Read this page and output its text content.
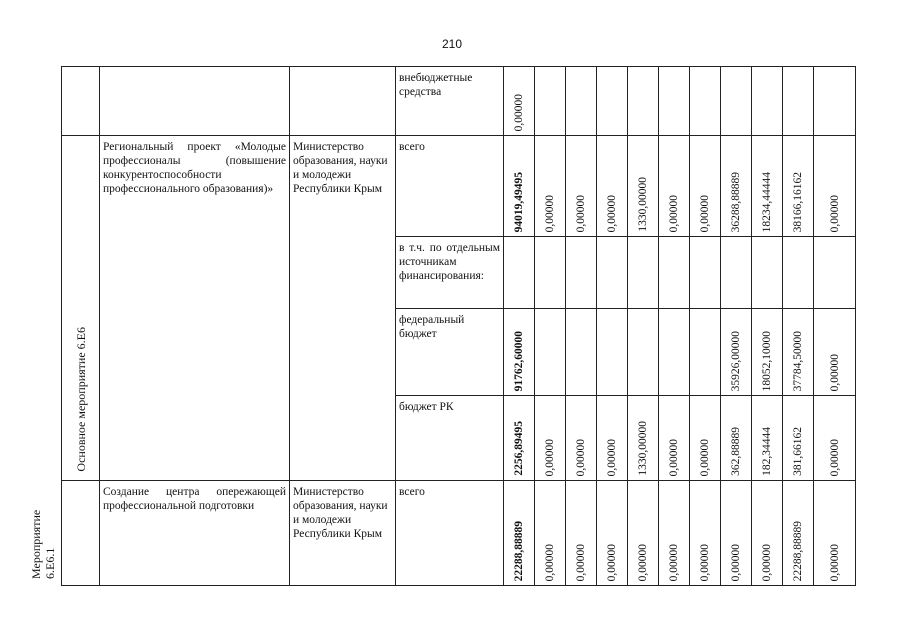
210

			внебюджетные средства	0,00000										

Основное мероприятие 6.Е6	Региональный проект «Молодые профессионалы (повышение конкурентоспособности профессионального образования)»	Министерство образования, науки и молодежи Республики Крым	всего	94019,49495	0,00000	0,00000	0,00000	1330,00000	0,00000	0,00000	36288,88889	18234,44444	38166,16162	0,00000

			в т.ч. по отдельным источникам финансирования:											

			федеральный бюджет	91762,60000							35926,00000	18052,10000	37784,50000	0,00000

			бюджет РК	2256,89495	0,00000	0,00000	0,00000	1330,00000	0,00000	0,00000	362,88889	182,34444	381,66162	0,00000

Мероприятие 6.Е6.1	Создание центра опережающей профессиональной подготовки	Министерство образования, науки и молодежи Республики Крым	всего	22288,88889	0,00000	0,00000	0,00000	0,00000	0,00000	0,00000	0,00000	0,00000	22288,88889	0,00000
